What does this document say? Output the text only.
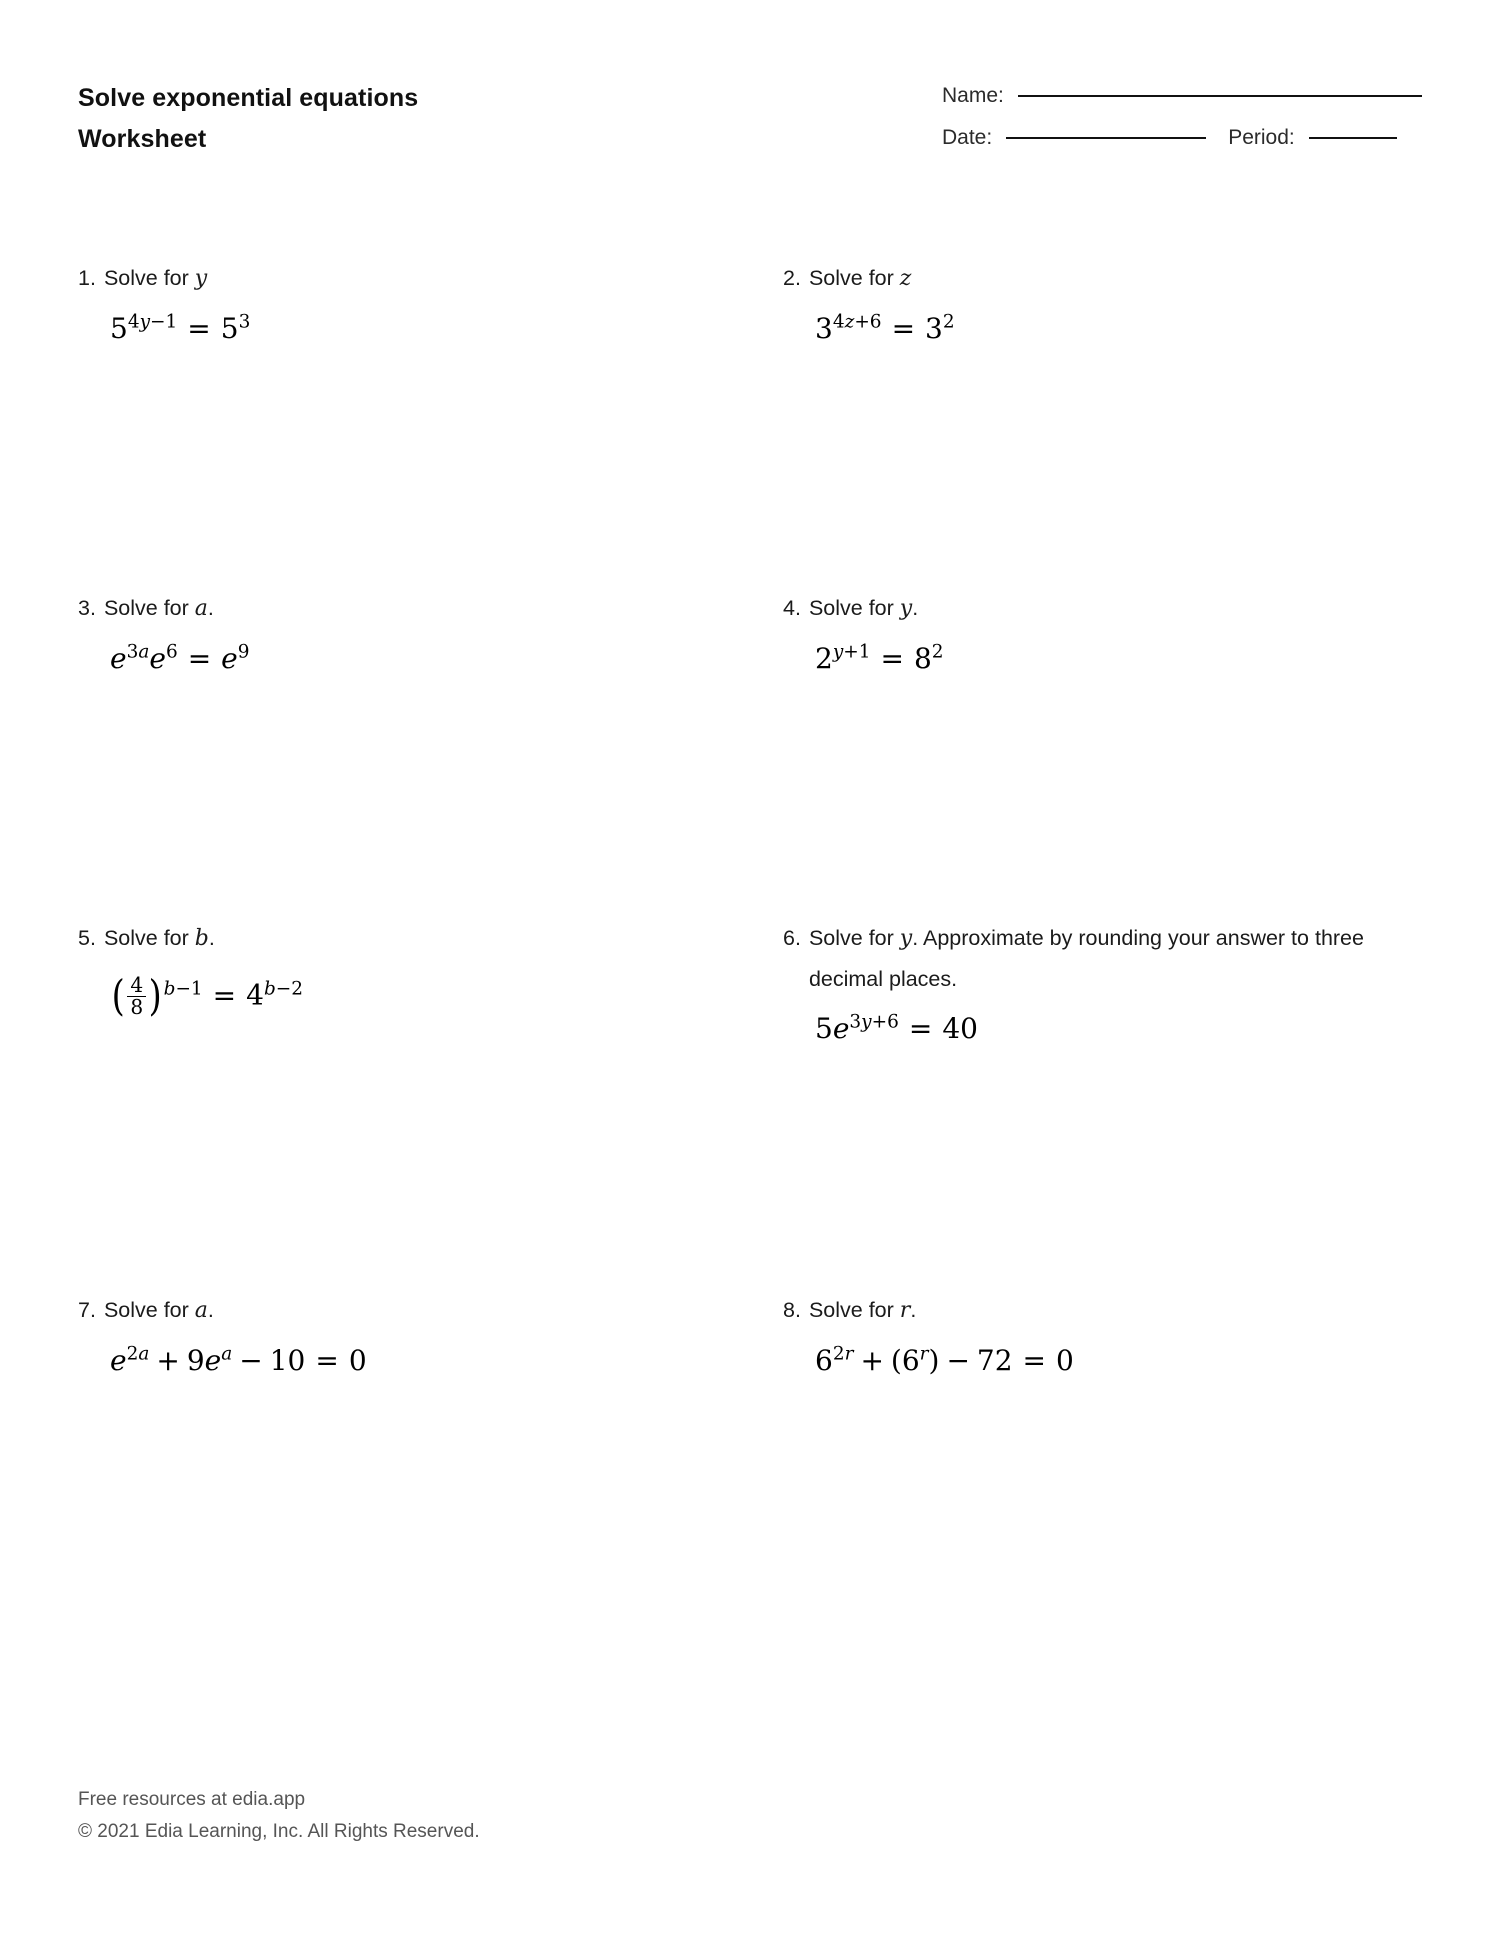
Solve exponential equations
Worksheet
Name:
Date:	Period:
1. Solve for y
$5^{4y-1} = 5^3$
2. Solve for z
$3^{4z+6} = 3^2$
3. Solve for a.
$e^{3a}e^6 = e^9$
4. Solve for y.
$2^{y+1} = 8^2$
5. Solve for b.
( $\frac{4}{8} )^{b-1} = 4^{b-2}$
6. Solve for y. Approximate by rounding your answer to three decimal places.
$5e^{3y+6} = 40$
7. Solve for a.
$e^{2a} + 9e^a - 10 = 0$
8. Solve for r.
$6^{2r} + (6^r) - 72 = 0$
Free resources at edia.app
© 2021 Edia Learning, Inc. All Rights Reserved.
